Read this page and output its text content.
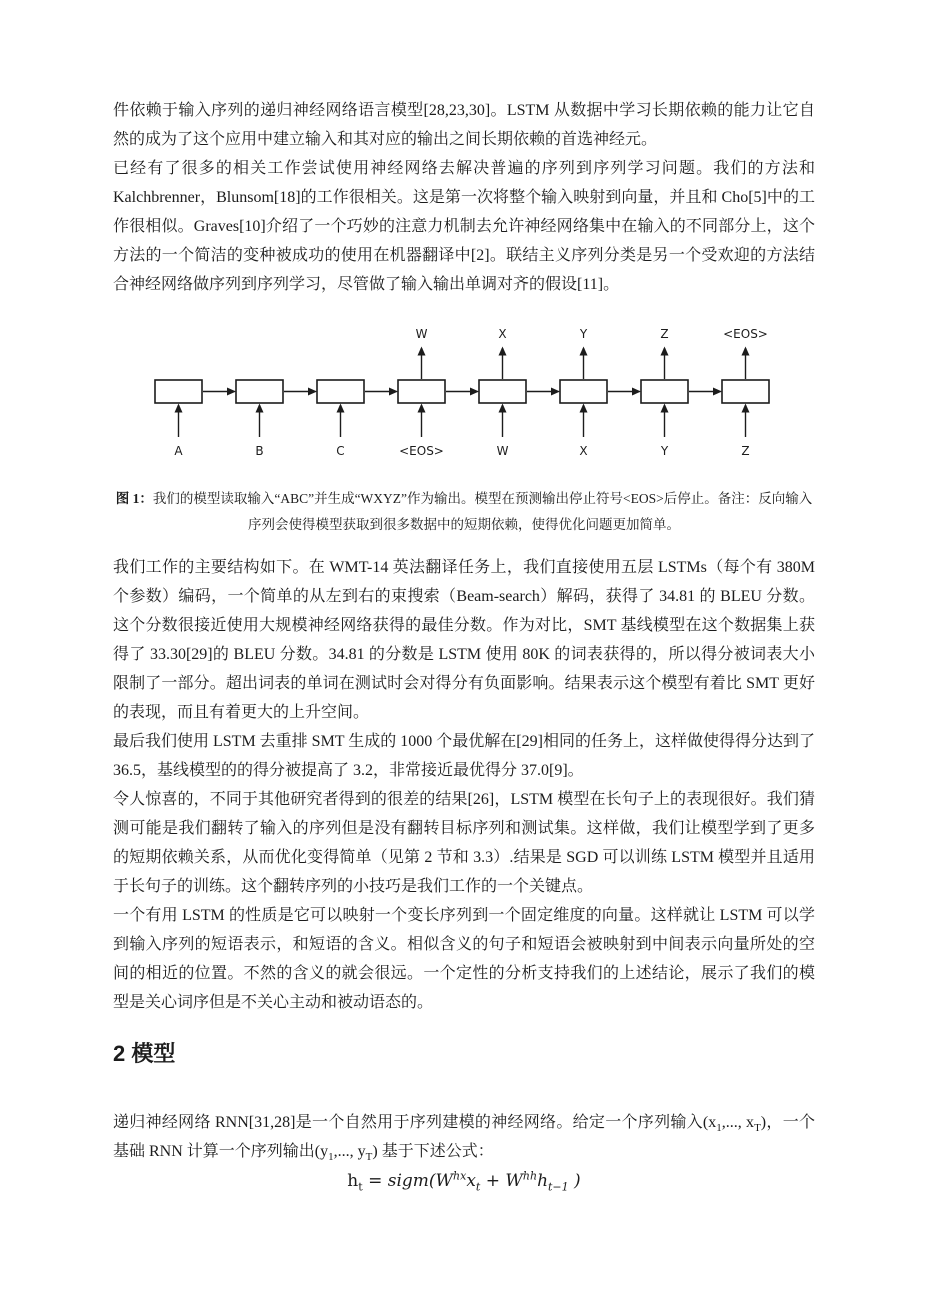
件依赖于输入序列的递归神经网络语言模型[28,23,30]。LSTM 从数据中学习长期依赖的能力让它自然的成为了这个应用中建立输入和其对应的输出之间长期依赖的首选神经元。

已经有了很多的相关工作尝试使用神经网络去解决普遍的序列到序列学习问题。我们的方法和 Kalchbrenner，Blunsom[18]的工作很相关。这是第一次将整个输入映射到向量，并且和 Cho[5]中的工作很相似。Graves[10]介绍了一个巧妙的注意力机制去允许神经网络集中在输入的不同部分上，这个方法的一个简洁的变种被成功的使用在机器翻译中[2]。联结主义序列分类是另一个受欢迎的方法结合神经网络做序列到序列学习，尽管做了输入输出单调对齐的假设[11]。

A	B	C	<EOS>
W
W
X
X
Y
Y
Z
Z
<EOS>
图 1：我们的模型读取输入“ABC”并生成“WXYZ”作为输出。模型在预测输出停止符号<EOS>后停止。备注：反向输入序列会使得模型获取到很多数据中的短期依赖，使得优化问题更加简单。

我们工作的主要结构如下。在 WMT-14 英法翻译任务上，我们直接使用五层 LSTMs（每个有 380M 个参数）编码，一个简单的从左到右的束搜索（Beam-search）解码，获得了 34.81 的 BLEU 分数。这个分数很接近使用大规模神经网络获得的最佳分数。作为对比，SMT 基线模型在这个数据集上获得了 33.30[29]的 BLEU 分数。34.81 的分数是 LSTM 使用 80K 的词表获得的，所以得分被词表大小限制了一部分。超出词表的单词在测试时会对得分有负面影响。结果表示这个模型有着比 SMT 更好的表现，而且有着更大的上升空间。

最后我们使用 LSTM 去重排 SMT 生成的 1000 个最优解在[29]相同的任务上，这样做使得得分达到了 36.5，基线模型的的得分被提高了 3.2，非常接近最优得分 37.0[9]。

令人惊喜的，不同于其他研究者得到的很差的结果[26]，LSTM 模型在长句子上的表现很好。我们猜测可能是我们翻转了输入的序列但是没有翻转目标序列和测试集。这样做，我们让模型学到了更多的短期依赖关系，从而优化变得简单（见第 2 节和 3.3）.结果是 SGD 可以训练 LSTM 模型并且适用于长句子的训练。这个翻转序列的小技巧是我们工作的一个关键点。

一个有用 LSTM 的性质是它可以映射一个变长序列到一个固定维度的向量。这样就让 LSTM 可以学到输入序列的短语表示，和短语的含义。相似含义的句子和短语会被映射到中间表示向量所处的空间的相近的位置。不然的含义的就会很远。一个定性的分析支持我们的上述结论，展示了我们的模型是关心词序但是不关心主动和被动语态的。

2 模型

递归神经网络 RNN[31,28]是一个自然用于序列建模的神经网络。给定一个序列输入($x_1$,..., $x_T$)，一个基础 RNN 计算一个序列输出($y_1$,..., $y_T$) 基于下述公式：

$h_t$ = $sigm(W^{hx}x_t + W^{hh}h_{t-1}$ )
